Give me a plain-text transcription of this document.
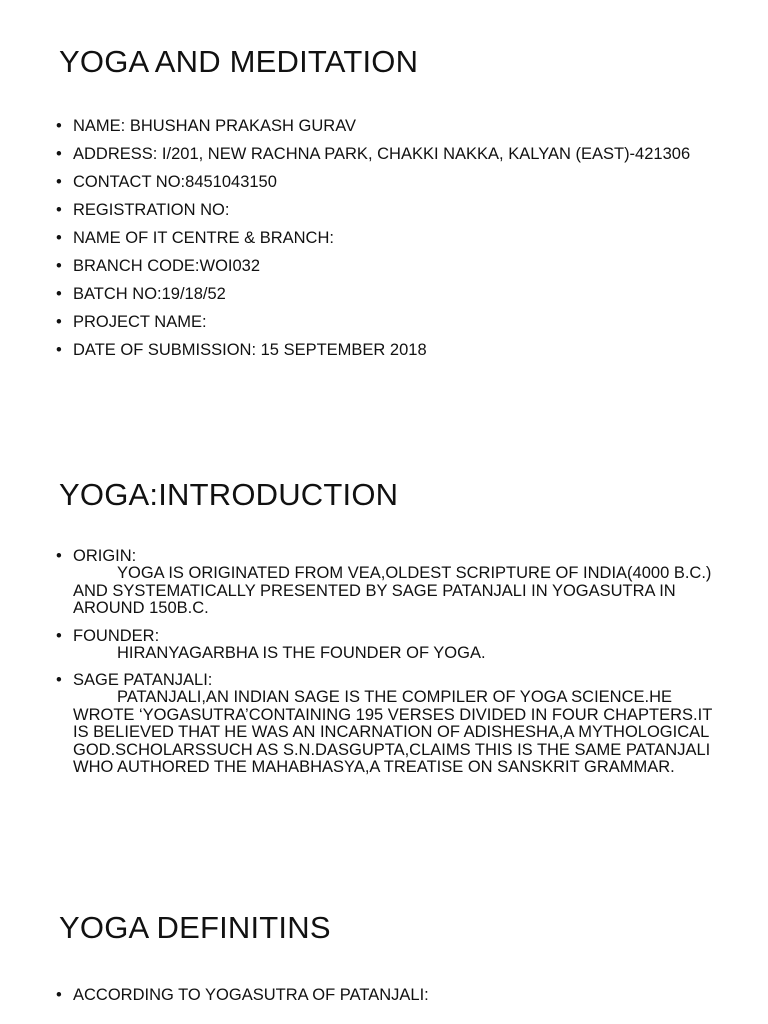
YOGA AND MEDITATION
• NAME: BHUSHAN PRAKASH GURAV
• ADDRESS: I/201, NEW RACHNA PARK, CHAKKI NAKKA, KALYAN (EAST)-421306
• CONTACT NO:8451043150
• REGISTRATION NO:
• NAME OF IT CENTRE & BRANCH:
• BRANCH CODE:WOI032
• BATCH NO:19/18/52
• PROJECT NAME:
• DATE OF SUBMISSION: 15 SEPTEMBER 2018
YOGA:INTRODUCTION
• ORIGIN:
YOGA IS ORIGINATED FROM VEA,OLDEST SCRIPTURE OF INDIA(4000 B.C.) AND SYSTEMATICALLY PRESENTED BY SAGE PATANJALI IN YOGASUTRA IN AROUND 150B.C.
• FOUNDER:
HIRANYAGARBHA IS THE FOUNDER OF YOGA.
• SAGE PATANJALI:
PATANJALI,AN INDIAN SAGE IS THE COMPILER OF YOGA SCIENCE.HE WROTE ‘YOGASUTRA’CONTAINING 195 VERSES DIVIDED IN FOUR CHAPTERS.IT IS BELIEVED THAT HE WAS AN INCARNATION OF ADISHESHA,A MYTHOLOGICAL GOD.SCHOLARSSUCH AS S.N.DASGUPTA,CLAIMS THIS IS THE SAME PATANJALI WHO AUTHORED THE MAHABHASYA,A TREATISE ON SANSKRIT GRAMMAR.
YOGA DEFINITINS
• ACCORDING TO YOGASUTRA OF PATANJALI:
